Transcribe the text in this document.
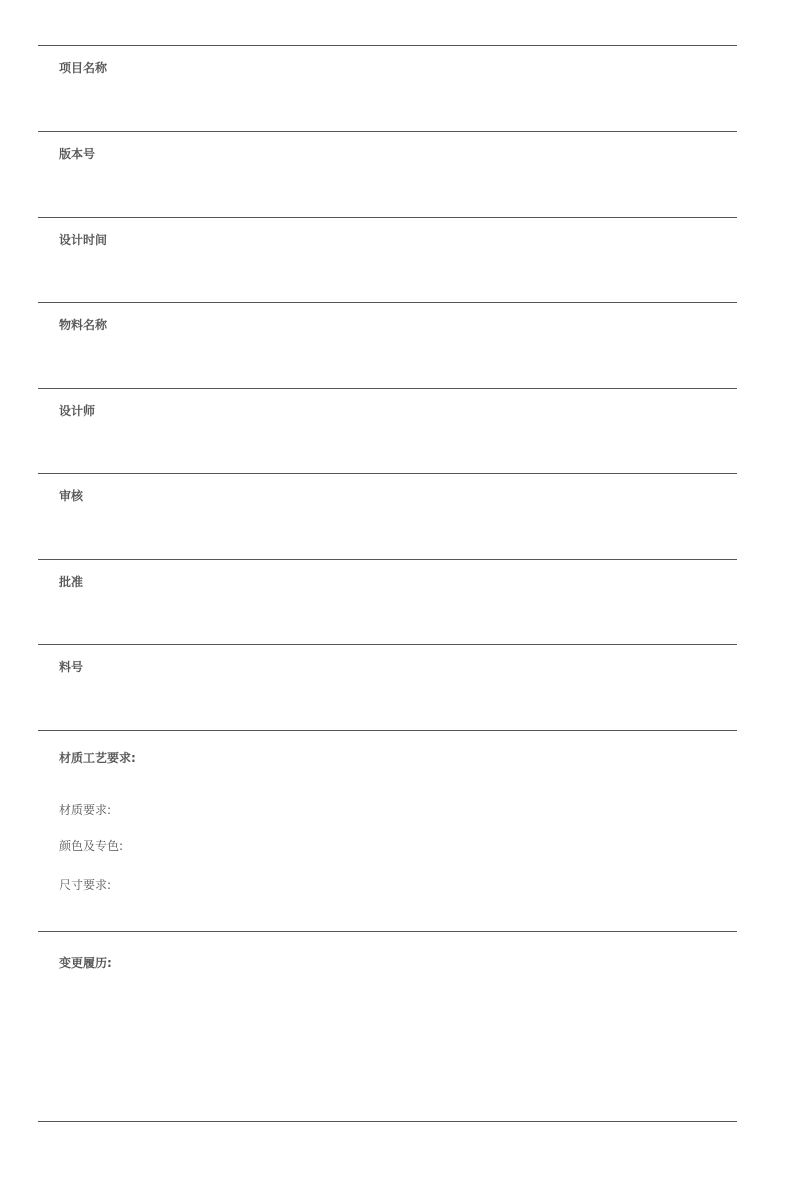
项目名称
版本号
设计时间
物料名称
设计师
审核
批准
料号
材质工艺要求:
材质要求:
颜色及专色:
尺寸要求:
变更履历:
